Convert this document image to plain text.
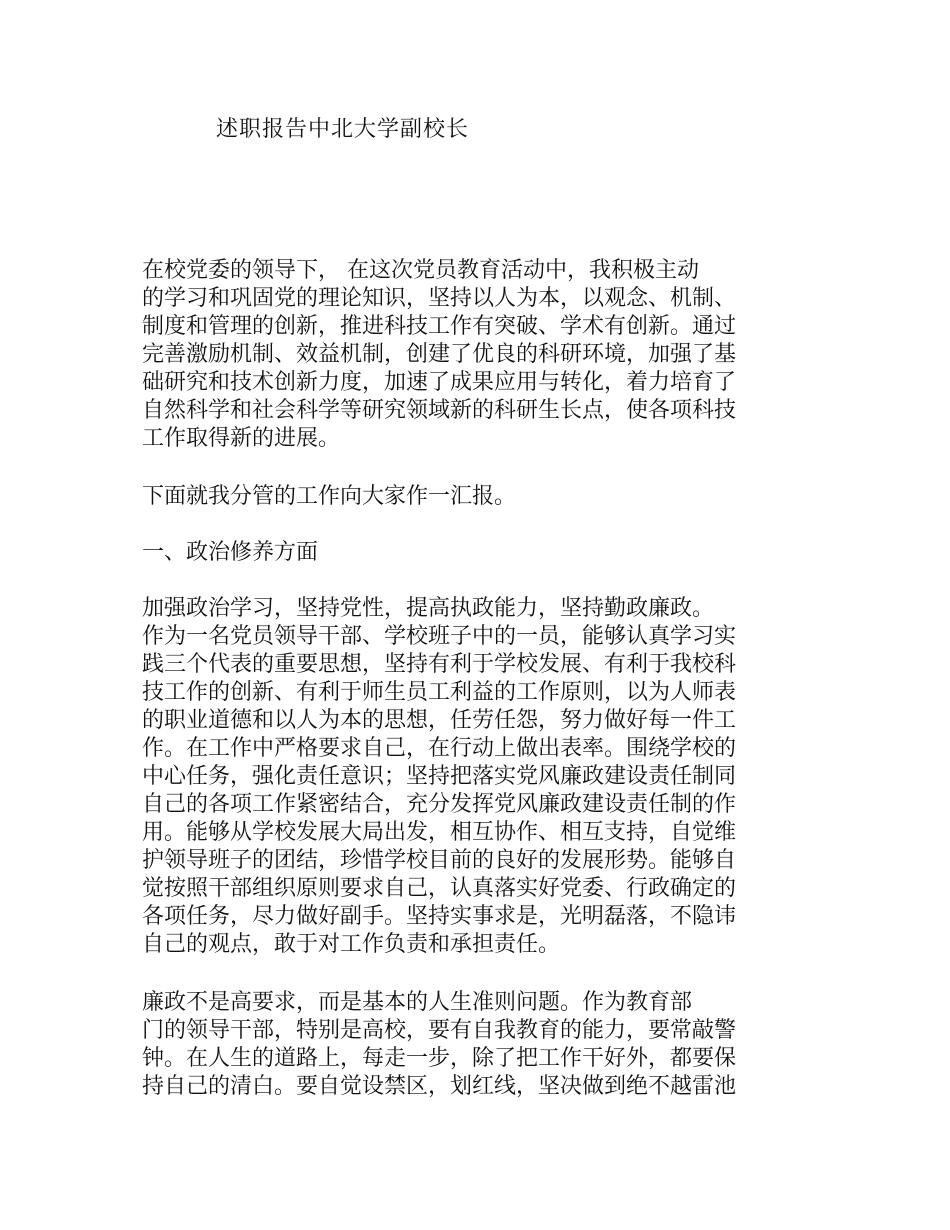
述职报告中北大学副校长
在校党委的领导下， 在这次党员教育活动中，我积极主动
的学习和巩固党的理论知识，坚持以人为本，以观念、机制、
制度和管理的创新，推进科技工作有突破、学术有创新。通过
完善激励机制、效益机制，创建了优良的科研环境，加强了基
础研究和技术创新力度，加速了成果应用与转化，着力培育了
自然科学和社会科学等研究领域新的科研生长点，使各项科技
工作取得新的进展。
下面就我分管的工作向大家作一汇报。
一、政治修养方面
加强政治学习，坚持党性，提高执政能力，坚持勤政廉政。
作为一名党员领导干部、学校班子中的一员，能够认真学习实
践三个代表的重要思想，坚持有利于学校发展、有利于我校科
技工作的创新、有利于师生员工利益的工作原则，以为人师表
的职业道德和以人为本的思想，任劳任怨，努力做好每一件工
作。在工作中严格要求自己，在行动上做出表率。围绕学校的
中心任务，强化责任意识；坚持把落实党风廉政建设责任制同
自己的各项工作紧密结合，充分发挥党风廉政建设责任制的作
用。能够从学校发展大局出发，相互协作、相互支持，自觉维
护领导班子的团结，珍惜学校目前的良好的发展形势。能够自
觉按照干部组织原则要求自己，认真落实好党委、行政确定的
各项任务，尽力做好副手。坚持实事求是，光明磊落，不隐讳
自己的观点，敢于对工作负责和承担责任。
廉政不是高要求，而是基本的人生准则问题。作为教育部
门的领导干部，特别是高校，要有自我教育的能力，要常敲警
钟。在人生的道路上，每走一步，除了把工作干好外，都要保
持自己的清白。要自觉设禁区，划红线，坚决做到绝不越雷池
